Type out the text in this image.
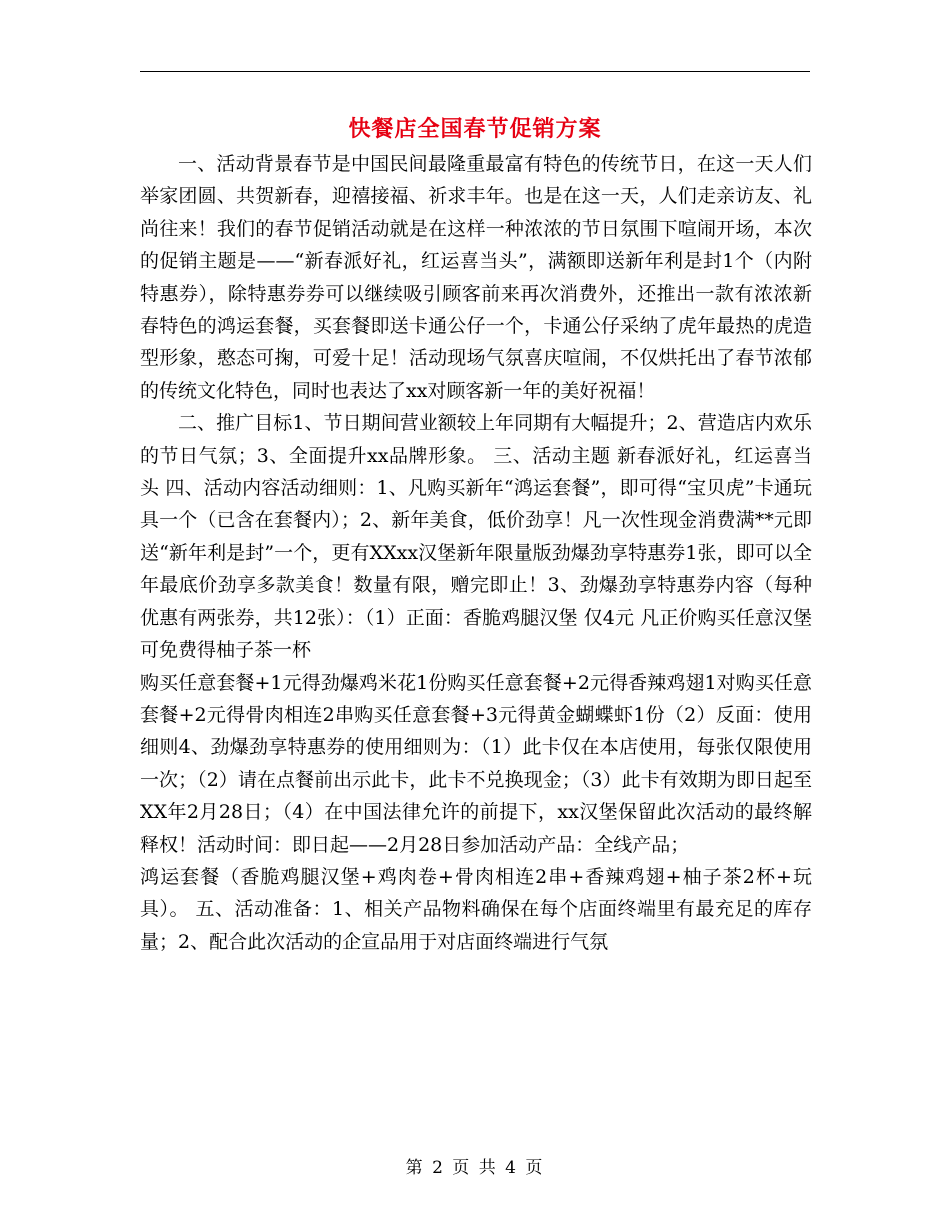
快餐店全国春节促销方案

一、活动背景春节是中国民间最隆重最富有特色的传统节日，在这一天人们举家团圆、共贺新春，迎禧接福、祈求丰年。也是在这一天，人们走亲访友、礼尚往来！我们的春节促销活动就是在这样一种浓浓的节日氛围下喧闹开场，本次的促销主题是——“新春派好礼，红运喜当头”，满额即送新年利是封1个（内附特惠券），除特惠券券可以继续吸引顾客前来再次消费外，还推出一款有浓浓新春特色的鸿运套餐，买套餐即送卡通公仔一个，卡通公仔采纳了虎年最热的虎造型形象，憨态可掬，可爱十足！活动现场气氛喜庆喧闹，不仅烘托出了春节浓郁的传统文化特色，同时也表达了xx对顾客新一年的美好祝福！

二、推广目标1、节日期间营业额较上年同期有大幅提升；2、营造店内欢乐的节日气氛；3、全面提升xx品牌形象。 三、活动主题 新春派好礼，红运喜当头 四、活动内容活动细则：1、凡购买新年“鸿运套餐”，即可得“宝贝虎”卡通玩具一个（已含在套餐内）；2、新年美食，低价劲享！凡一次性现金消费满**元即送“新年利是封”一个，更有XXxx汉堡新年限量版劲爆劲享特惠券1张，即可以全年最底价劲享多款美食！数量有限，赠完即止！3、劲爆劲享特惠券内容（每种优惠有两张券，共12张）：（1）正面：香脆鸡腿汉堡 仅4元 凡正价购买任意汉堡可免费得柚子茶一杯

购买任意套餐+1元得劲爆鸡米花1份购买任意套餐+2元得香辣鸡翅1对购买任意套餐+2元得骨肉相连2串购买任意套餐+3元得黄金蝴蝶虾1份（2）反面：使用细则4、劲爆劲享特惠券的使用细则为：（1）此卡仅在本店使用，每张仅限使用一次；（2）请在点餐前出示此卡，此卡不兑换现金；（3）此卡有效期为即日起至XX年2月28日；（4）在中国法律允许的前提下，xx汉堡保留此次活动的最终解释权！活动时间：即日起——2月28日参加活动产品：全线产品；

鸿运套餐（香脆鸡腿汉堡+鸡肉卷+骨肉相连2串+香辣鸡翅+柚子茶2杯+玩具）。 五、活动准备：1、相关产品物料确保在每个店面终端里有最充足的库存量；2、配合此次活动的企宣品用于对店面终端进行气氛

第 2 页 共 4 页
